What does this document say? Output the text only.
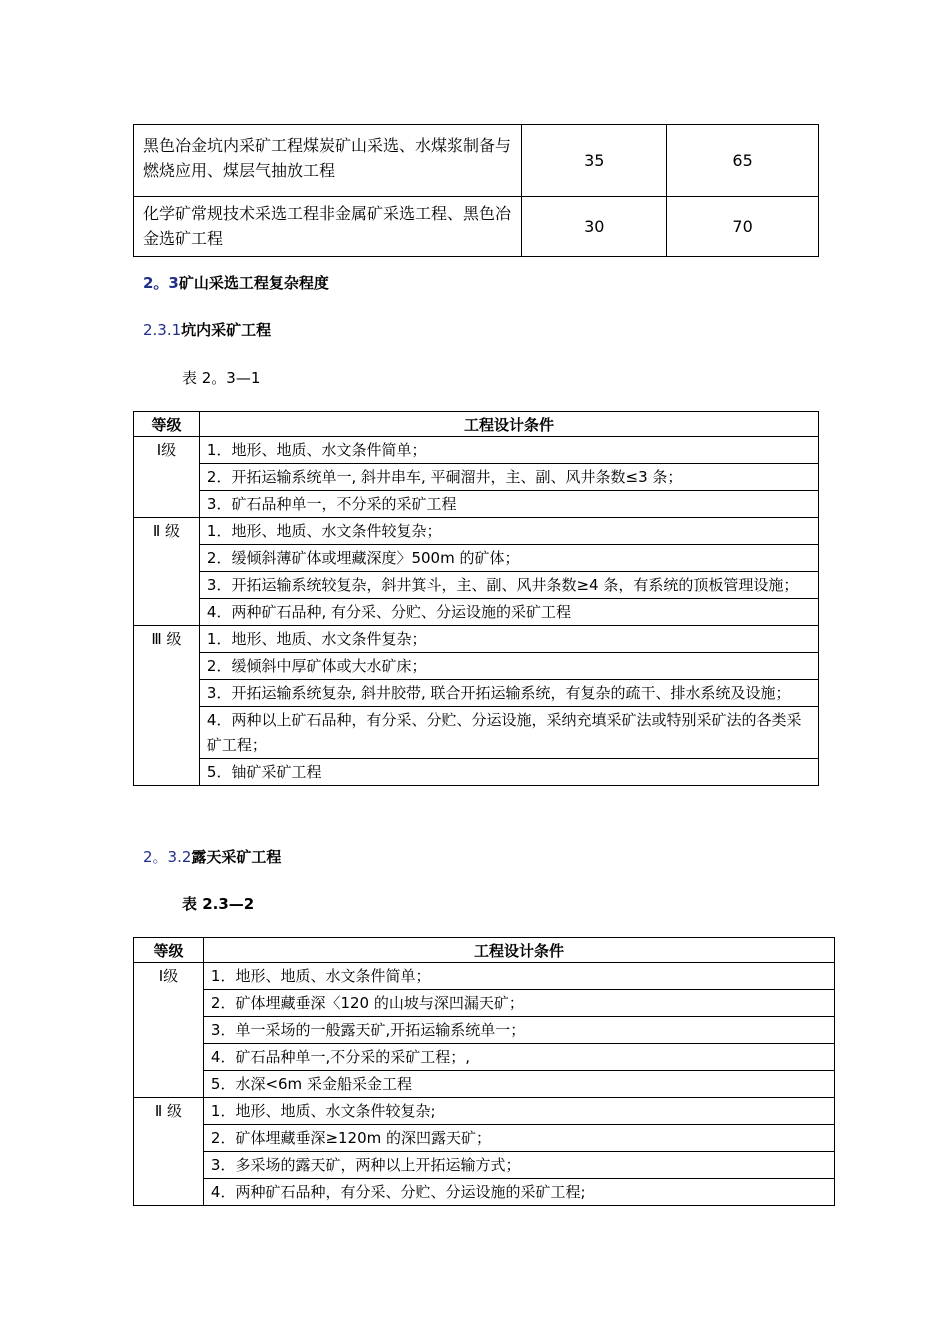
黑色冶金坑内采矿工程煤炭矿山采选、水煤浆制备与燃烧应用、煤层气抽放工程	35	65
化学矿常规技术采选工程非金属矿采选工程、黑色冶金选矿工程	30	70
2。3矿山采选工程复杂程度
2.3.1坑内采矿工程
表 2。3—1
等级	工程设计条件
Ⅰ级	1．地形、地质、水文条件简单；
	2．开拓运输系统单一, 斜井串车, 平硐溜井，主、副、风井条数≤3 条；
	3．矿石品种单一，不分采的采矿工程
Ⅱ 级	1．地形、地质、水文条件较复杂；
	2．缓倾斜薄矿体或埋藏深度〉500m 的矿体；
	3．开拓运输系统较复杂，斜井箕斗，主、副、风井条数≥4 条，有系统的顶板管理设施；
	4．两种矿石品种, 有分采、分贮、分运设施的采矿工程
Ⅲ 级	1．地形、地质、水文条件复杂；
	2．缓倾斜中厚矿体或大水矿床；
	3．开拓运输系统复杂, 斜井胶带, 联合开拓运输系统，有复杂的疏干、排水系统及设施；
	4．两种以上矿石品种，有分采、分贮、分运设施，采纳充填采矿法或特别采矿法的各类采矿工程；
	5．铀矿采矿工程
2。3.2露天采矿工程
表 2.3—2
等级	工程设计条件
Ⅰ级	1．地形、地质、水文条件简单；
	2．矿体埋藏垂深〈120 的山坡与深凹漏天矿；
	3．单一采场的一般露天矿,开拓运输系统单一；
	4．矿石品种单一,不分采的采矿工程；,
	5．水深<6m 采金船采金工程
Ⅱ 级	1．地形、地质、水文条件较复杂;
	2．矿体埋藏垂深≥120m 的深凹露天矿；
	3．多采场的露天矿，两种以上开拓运输方式；
	4．两种矿石品种，有分采、分贮、分运设施的采矿工程;
